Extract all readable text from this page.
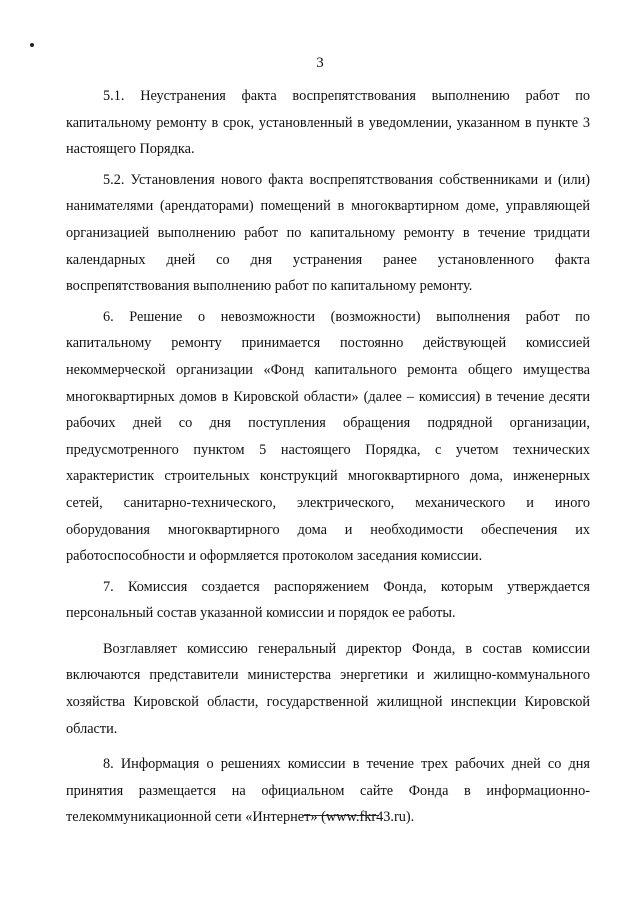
3

5.1. Неустранения факта воспрепятствования выполнению работ по капитальному ремонту в срок, установленный в уведомлении, указанном в пункте 3 настоящего Порядка.

5.2. Установления нового факта воспрепятствования собственниками и (или) нанимателями (арендаторами) помещений в многоквартирном доме, управляющей организацией выполнению работ по капитальному ремонту в течение тридцати календарных дней со дня устранения ранее установленного факта воспрепятствования выполнению работ по капитальному ремонту.

6. Решение о невозможности (возможности) выполнения работ по капитальному ремонту принимается постоянно действующей комиссией некоммерческой организации «Фонд капитального ремонта общего имущества многоквартирных домов в Кировской области» (далее – комиссия) в течение десяти рабочих дней со дня поступления обращения подрядной организации, предусмотренного пунктом 5 настоящего Порядка, с учетом технических характеристик строительных конструкций многоквартирного дома, инженерных сетей, санитарно-технического, электрического, механического и иного оборудования многоквартирного дома и необходимости обеспечения их работоспособности и оформляется протоколом заседания комиссии.

7. Комиссия создается распоряжением Фонда, которым утверждается персональный состав указанной комиссии и порядок ее работы.

Возглавляет комиссию генеральный директор Фонда, в состав комиссии включаются представители министерства энергетики и жилищно-коммунального хозяйства Кировской области, государственной жилищной инспекции Кировской области.

8. Информация о решениях комиссии в течение трех рабочих дней со дня принятия размещается на официальном сайте Фонда в информационно-телекоммуникационной сети «Интернет» (www.fkr43.ru).
